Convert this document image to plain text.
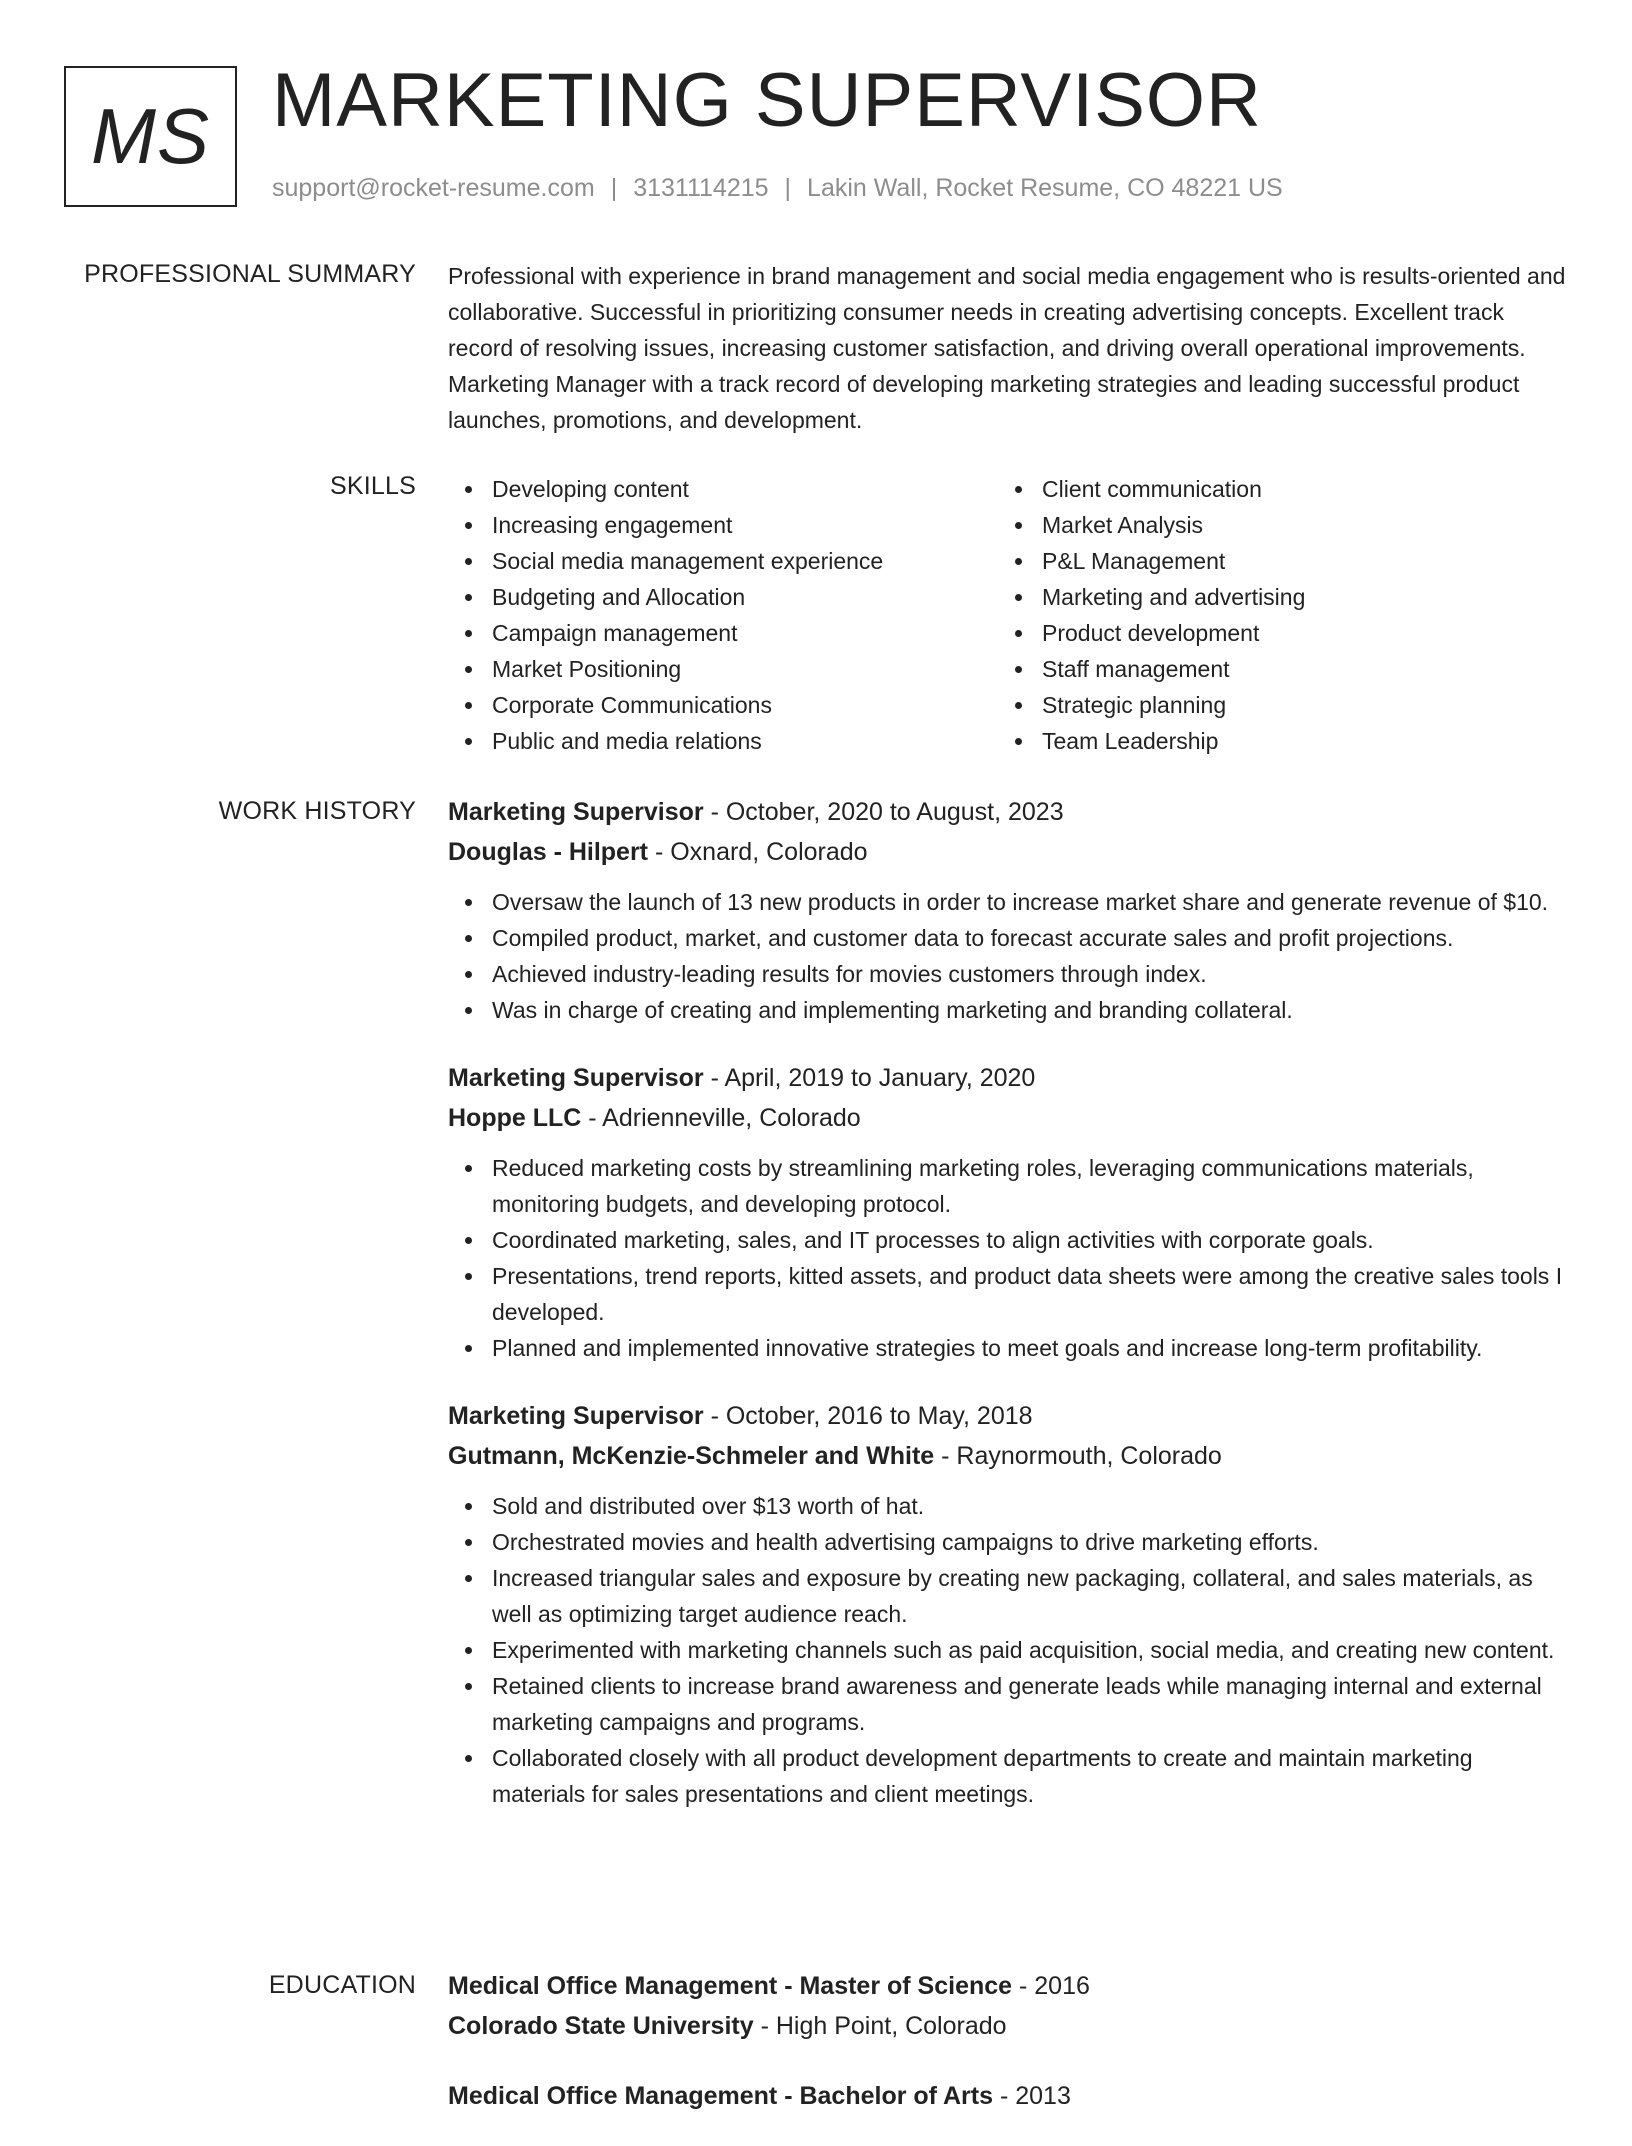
MS MARKETING SUPERVISOR
support@rocket-resume.com | 3131114215 | Lakin Wall, Rocket Resume, CO 48221 US
PROFESSIONAL SUMMARY Professional with experience in brand management and social media engagement who is results-oriented and collaborative. Successful in prioritizing consumer needs in creating advertising concepts. Excellent track record of resolving issues, increasing customer satisfaction, and driving overall operational improvements. Marketing Manager with a track record of developing marketing strategies and leading successful product launches, promotions, and development.

SKILLS	Developing content
Increasing engagement
Social media management experience
Budgeting and Allocation
Campaign management
Market Positioning
Corporate Communications
Public and media relations
Client communication
Market Analysis
P&L Management
Marketing and advertising
Product development
Staff management
Strategic planning
Team Leadership
WORK HISTORY Marketing Supervisor - October, 2020 to August, 2023
Douglas - Hilpert - Oxnard, Colorado
Oversaw the launch of 13 new products in order to increase market share and generate revenue of $10.
Compiled product, market, and customer data to forecast accurate sales and profit projections.
Achieved industry-leading results for movies customers through index.
Was in charge of creating and implementing marketing and branding collateral.
Marketing Supervisor - April, 2019 to January, 2020
Hoppe LLC - Adrienneville, Colorado
Reduced marketing costs by streamlining marketing roles, leveraging communications materials, monitoring budgets, and developing protocol.
Coordinated marketing, sales, and IT processes to align activities with corporate goals.
Presentations, trend reports, kitted assets, and product data sheets were among the creative sales tools I developed.
Planned and implemented innovative strategies to meet goals and increase long-term profitability.
Marketing Supervisor - October, 2016 to May, 2018
Gutmann, McKenzie-Schmeler and White - Raynormouth, Colorado
Sold and distributed over $13 worth of hat.
Orchestrated movies and health advertising campaigns to drive marketing efforts.
Increased triangular sales and exposure by creating new packaging, collateral, and sales materials, as well as optimizing target audience reach.
Experimented with marketing channels such as paid acquisition, social media, and creating new content.
Retained clients to increase brand awareness and generate leads while managing internal and external marketing campaigns and programs.
Collaborated closely with all product development departments to create and maintain marketing materials for sales presentations and client meetings.
EDUCATION Medical Office Management - Master of Science - 2016
Colorado State University - High Point, Colorado
Medical Office Management - Bachelor of Arts - 2013
